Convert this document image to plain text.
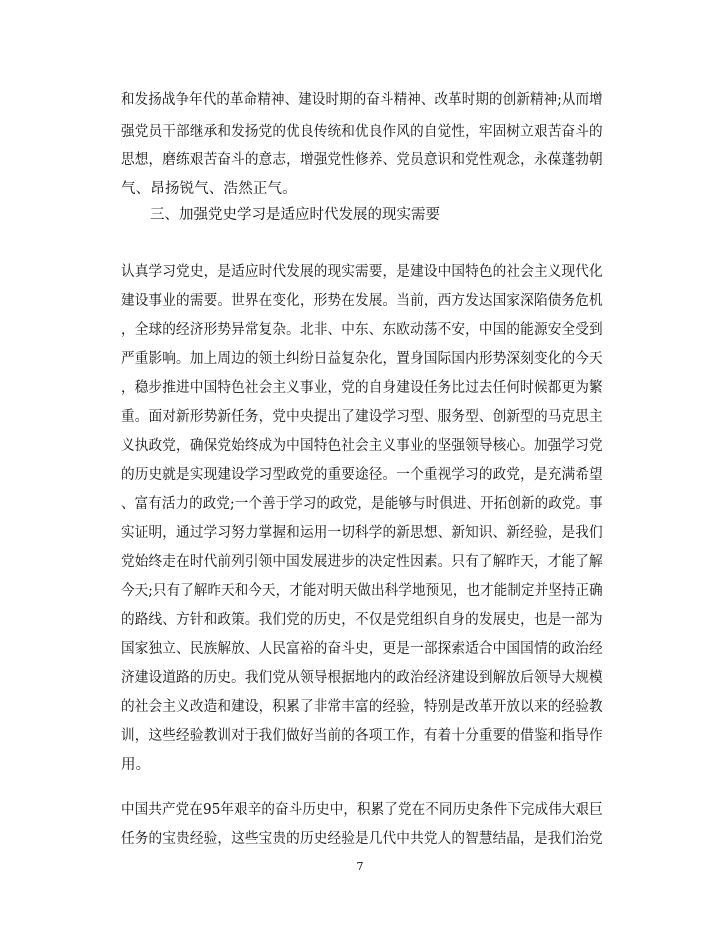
和发扬战争年代的革命精神、建设时期的奋斗精神、改革时期的创新精神;从而增
强党员干部继承和发扬党的优良传统和优良作风的自觉性，牢固树立艰苦奋斗的
思想，磨练艰苦奋斗的意志，增强党性修养、党员意识和党性观念，永葆蓬勃朝
气、昂扬锐气、浩然正气。
三、加强党史学习是适应时代发展的现实需要
认真学习党史，是适应时代发展的现实需要，是建设中国特色的社会主义现代化
建设事业的需要。世界在变化，形势在发展。当前，西方发达国家深陷债务危机
，全球的经济形势异常复杂。北非、中东、东欧动荡不安，中国的能源安全受到
严重影响。加上周边的领土纠纷日益复杂化，置身国际国内形势深刻变化的今天
，稳步推进中国特色社会主义事业，党的自身建设任务比过去任何时候都更为繁
重。面对新形势新任务，党中央提出了建设学习型、服务型、创新型的马克思主
义执政党，确保党始终成为中国特色社会主义事业的坚强领导核心。加强学习党
的历史就是实现建设学习型政党的重要途径。一个重视学习的政党，是充满希望
、富有活力的政党;一个善于学习的政党，是能够与时俱进、开拓创新的政党。事
实证明，通过学习努力掌握和运用一切科学的新思想、新知识、新经验，是我们
党始终走在时代前列引领中国发展进步的决定性因素。只有了解昨天，才能了解
今天;只有了解昨天和今天，才能对明天做出科学地预见，也才能制定并坚持正确
的路线、方针和政策。我们党的历史，不仅是党组织自身的发展史，也是一部为
国家独立、民族解放、人民富裕的奋斗史，更是一部探索适合中国国情的政治经
济建设道路的历史。我们党从领导根据地内的政治经济建设到解放后领导大规模
的社会主义改造和建设，积累了非常丰富的经验，特别是改革开放以来的经验教
训，这些经验教训对于我们做好当前的各项工作，有着十分重要的借鉴和指导作
用。
中国共产党在95年艰辛的奋斗历史中，积累了党在不同历史条件下完成伟大艰巨
任务的宝贵经验，这些宝贵的历史经验是几代中共党人的智慧结晶，是我们治党
7
